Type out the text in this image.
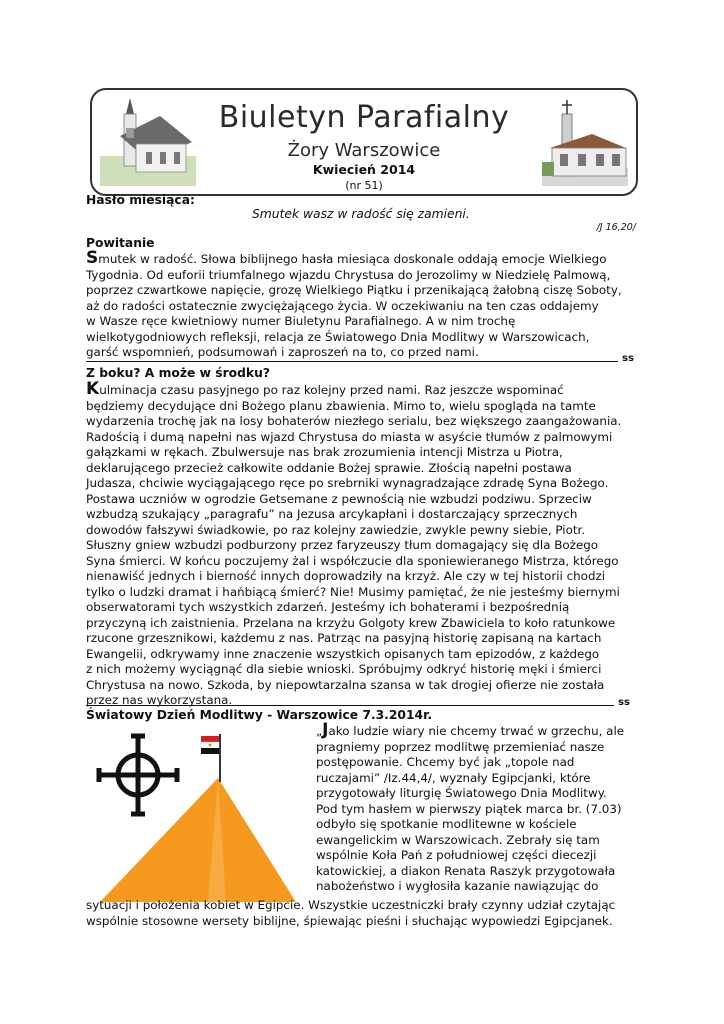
Biuletyn Parafialny
Żory Warszowice
Kwiecień 2014
(nr 51)
Hasło miesiąca:
Smutek wasz w radość się zamieni.
/J 16,20/
Powitanie
Smutek w radość. Słowa biblijnego hasła miesiąca doskonale oddają emocje Wielkiego
Tygodnia. Od euforii triumfalnego wjazdu Chrystusa do Jerozolimy w Niedzielę Palmową,
poprzez czwartkowe napięcie, grozę Wielkiego Piątku i przenikającą żałobną ciszę Soboty,
aż do radości ostatecznie zwyciężającego życia. W oczekiwaniu na ten czas oddajemy
w Wasze ręce kwietniowy numer Biuletynu Parafialnego. A w nim trochę
wielkotygodniowych refleksji, relacja ze Światowego Dnia Modlitwy w Warszowicach,
garść wspomnień, podsumowań i zaproszeń na to, co przed nami.	ss
Z boku? A może w środku?
Kulminacja czasu pasyjnego po raz kolejny przed nami. Raz jeszcze wspominać
będziemy decydujące dni Bożego planu zbawienia. Mimo to, wielu spogląda na tamte
wydarzenia trochę jak na losy bohaterów niezłego serialu, bez większego zaangażowania.
Radością i dumą napełni nas wjazd Chrystusa do miasta w asyście tłumów z palmowymi
gałązkami w rękach. Zbulwersuje nas brak zrozumienia intencji Mistrza u Piotra,
deklarującego przecież całkowite oddanie Bożej sprawie. Złością napełni postawa
Judasza, chciwie wyciągającego ręce po srebrniki wynagradzające zdradę Syna Bożego.
Postawa uczniów w ogrodzie Getsemane z pewnością nie wzbudzi podziwu. Sprzeciw
wzbudzą szukający „paragrafu” na Jezusa arcykapłani i dostarczający sprzecznych
dowodów fałszywi świadkowie, po raz kolejny zawiedzie, zwykle pewny siebie, Piotr.
Słuszny gniew wzbudzi podburzony przez faryzeuszy tłum domagający się dla Bożego
Syna śmierci. W końcu poczujemy żal i współczucie dla sponiewieranego Mistrza, którego
nienawiść jednych i bierność innych doprowadziły na krzyż. Ale czy w tej historii chodzi
tylko o ludzki dramat i hańbiącą śmierć? Nie! Musimy pamiętać, że nie jesteśmy biernymi
obserwatorami tych wszystkich zdarzeń. Jesteśmy ich bohaterami i bezpośrednią
przyczyną ich zaistnienia. Przelana na krzyżu Golgoty krew Zbawiciela to koło ratunkowe
rzucone grzesznikowi, każdemu z nas. Patrząc na pasyjną historię zapisaną na kartach
Ewangelii, odkrywamy inne znaczenie wszystkich opisanych tam epizodów, z każdego
z nich możemy wyciągnąć dla siebie wnioski. Spróbujmy odkryć historię męki i śmierci
Chrystusa na nowo. Szkoda, by niepowtarzalna szansa w tak drogiej ofierze nie została
przez nas wykorzystana.	ss
Światowy Dzień Modlitwy - Warszowice 7.3.2014r.
„Jako ludzie wiary nie chcemy trwać w grzechu, ale
pragniemy poprzez modlitwę przemieniać nasze
postępowanie. Chcemy być jak „topole nad
ruczajami” /Iz.44,4/, wyznały Egipcjanki, które
przygotowały liturgię Światowego Dnia Modlitwy.
Pod tym hasłem w pierwszy piątek marca br. (7.03)
odbyło się spotkanie modlitewne w kościele
ewangelickim w Warszowicach. Zebrały się tam
wspólnie Koła Pań z południowej części diecezji
katowickiej, a diakon Renata Raszyk przygotowała
nabożeństwo i wygłosiła kazanie nawiązując do
sytuacji i położenia kobiet w Egipcie. Wszystkie uczestniczki brały czynny udział czytając
wspólnie stosowne wersety biblijne, śpiewając pieśni i słuchając wypowiedzi Egipcjanek.
